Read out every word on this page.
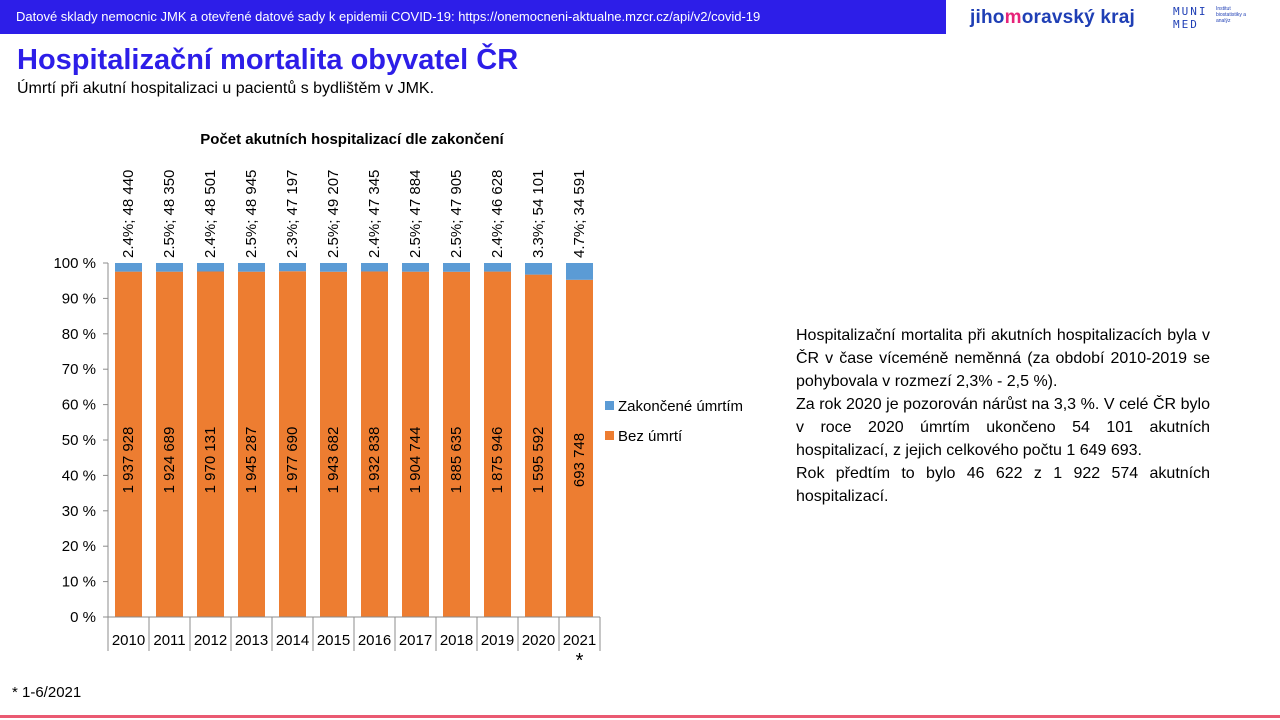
Datové sklady nemocnic JMK a otevřené datové sady k epidemii COVID-19: https://onemocneni-aktualne.mzcr.cz/api/v2/covid-19	jihomoravský kraj	MUNI
MED
Institut biostatistiky a analýz
Hospitalizační mortalita obyvatel ČR
Úmrtí při akutní hospitalizaci u pacientů s bydlištěm v JMK.
Počet akutních hospitalizací dle zakončení
0 %
10 %
20 %
30 %
40 %
50 %
60 %
70 %
80 %
90 %
100 %
1 937 928
2.4%; 48 440
1 924 689
2.5%; 48 350
1 970 131
2.4%; 48 501
1 945 287
2.5%; 48 945
1 977 690
2.3%; 47 197
1 943 682
2.5%; 49 207
1 932 838
2.4%; 47 345
1 904 744
2.5%; 47 884
1 885 635
2.5%; 47 905
1 875 946
2.4%; 46 628
1 595 592
3.3%; 54 101
693 748
4.7%; 34 591
2010 2011 2012 2013 2014 2015 2016 2017 2018 2019 2020 2021
*
Zakončené úmrtím
Bez úmrtí

Hospitalizační mortalita při akutních hospitalizacích byla v ČR v čase víceméně neměnná (za období 2010-2019 se pohybovala v rozmezí 2,3% - 2,5 %).

Za rok 2020 je pozorován nárůst na 3,3 %. V celé ČR bylo v roce 2020 úmrtím ukončeno 54 101 akutních hospitalizací, z jejich celkového počtu 1 649 693.

Rok předtím to bylo 46 622 z 1 922 574 akutních hospitalizací.

* 1-6/2021
